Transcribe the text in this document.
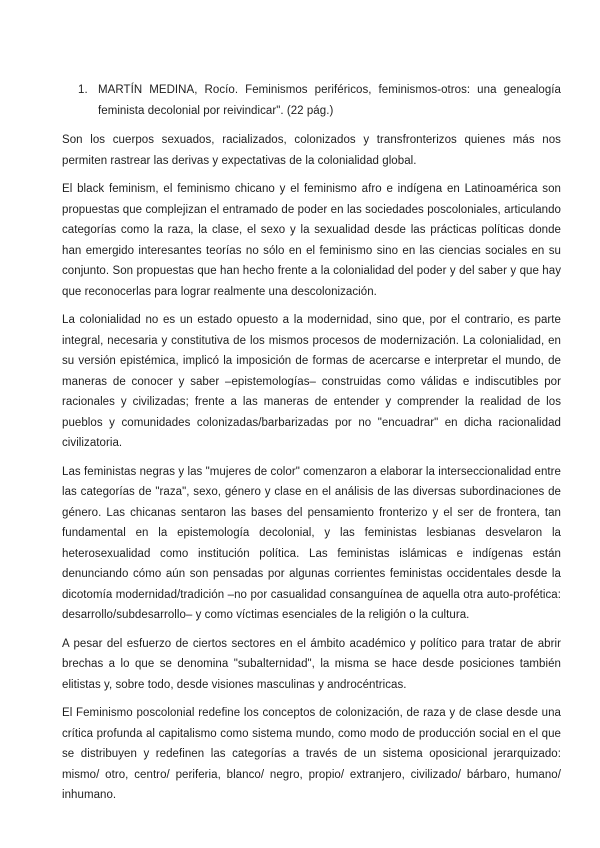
1. MARTÍN MEDINA, Rocío. Feminismos periféricos, feminismos-otros: una genealogía feminista decolonial por reivindicar". (22 pág.)

Son los cuerpos sexuados, racializados, colonizados y transfronterizos quienes más nos permiten rastrear las derivas y expectativas de la colonialidad global.

El black feminism, el feminismo chicano y el feminismo afro e indígena en Latinoamérica son propuestas que complejizan el entramado de poder en las sociedades poscoloniales, articulando categorías como la raza, la clase, el sexo y la sexualidad desde las prácticas políticas donde han emergido interesantes teorías no sólo en el feminismo sino en las ciencias sociales en su conjunto. Son propuestas que han hecho frente a la colonialidad del poder y del saber y que hay que reconocerlas para lograr realmente una descolonización.

La colonialidad no es un estado opuesto a la modernidad, sino que, por el contrario, es parte integral, necesaria y constitutiva de los mismos procesos de modernización. La colonialidad, en su versión epistémica, implicó la imposición de formas de acercarse e interpretar el mundo, de maneras de conocer y saber –epistemologías– construidas como válidas e indiscutibles por racionales y civilizadas; frente a las maneras de entender y comprender la realidad de los pueblos y comunidades colonizadas/barbarizadas por no "encuadrar" en dicha racionalidad civilizatoria.

Las feministas negras y las "mujeres de color" comenzaron a elaborar la interseccionalidad entre las categorías de "raza", sexo, género y clase en el análisis de las diversas subordinaciones de género. Las chicanas sentaron las bases del pensamiento fronterizo y el ser de frontera, tan fundamental en la epistemología decolonial, y las feministas lesbianas desvelaron la heterosexualidad como institución política. Las feministas islámicas e indígenas están denunciando cómo aún son pensadas por algunas corrientes feministas occidentales desde la dicotomía modernidad/tradición –no por casualidad consanguínea de aquella otra auto-profética: desarrollo/subdesarrollo– y como víctimas esenciales de la religión o la cultura.

A pesar del esfuerzo de ciertos sectores en el ámbito académico y político para tratar de abrir brechas a lo que se denomina "subalternidad", la misma se hace desde posiciones también elitistas y, sobre todo, desde visiones masculinas y androcéntricas.

El Feminismo poscolonial redefine los conceptos de colonización, de raza y de clase desde una crítica profunda al capitalismo como sistema mundo, como modo de producción social en el que se distribuyen y redefinen las categorías a través de un sistema oposicional jerarquizado: mismo/ otro, centro/ periferia, blanco/ negro, propio/ extranjero, civilizado/ bárbaro, humano/ inhumano.
